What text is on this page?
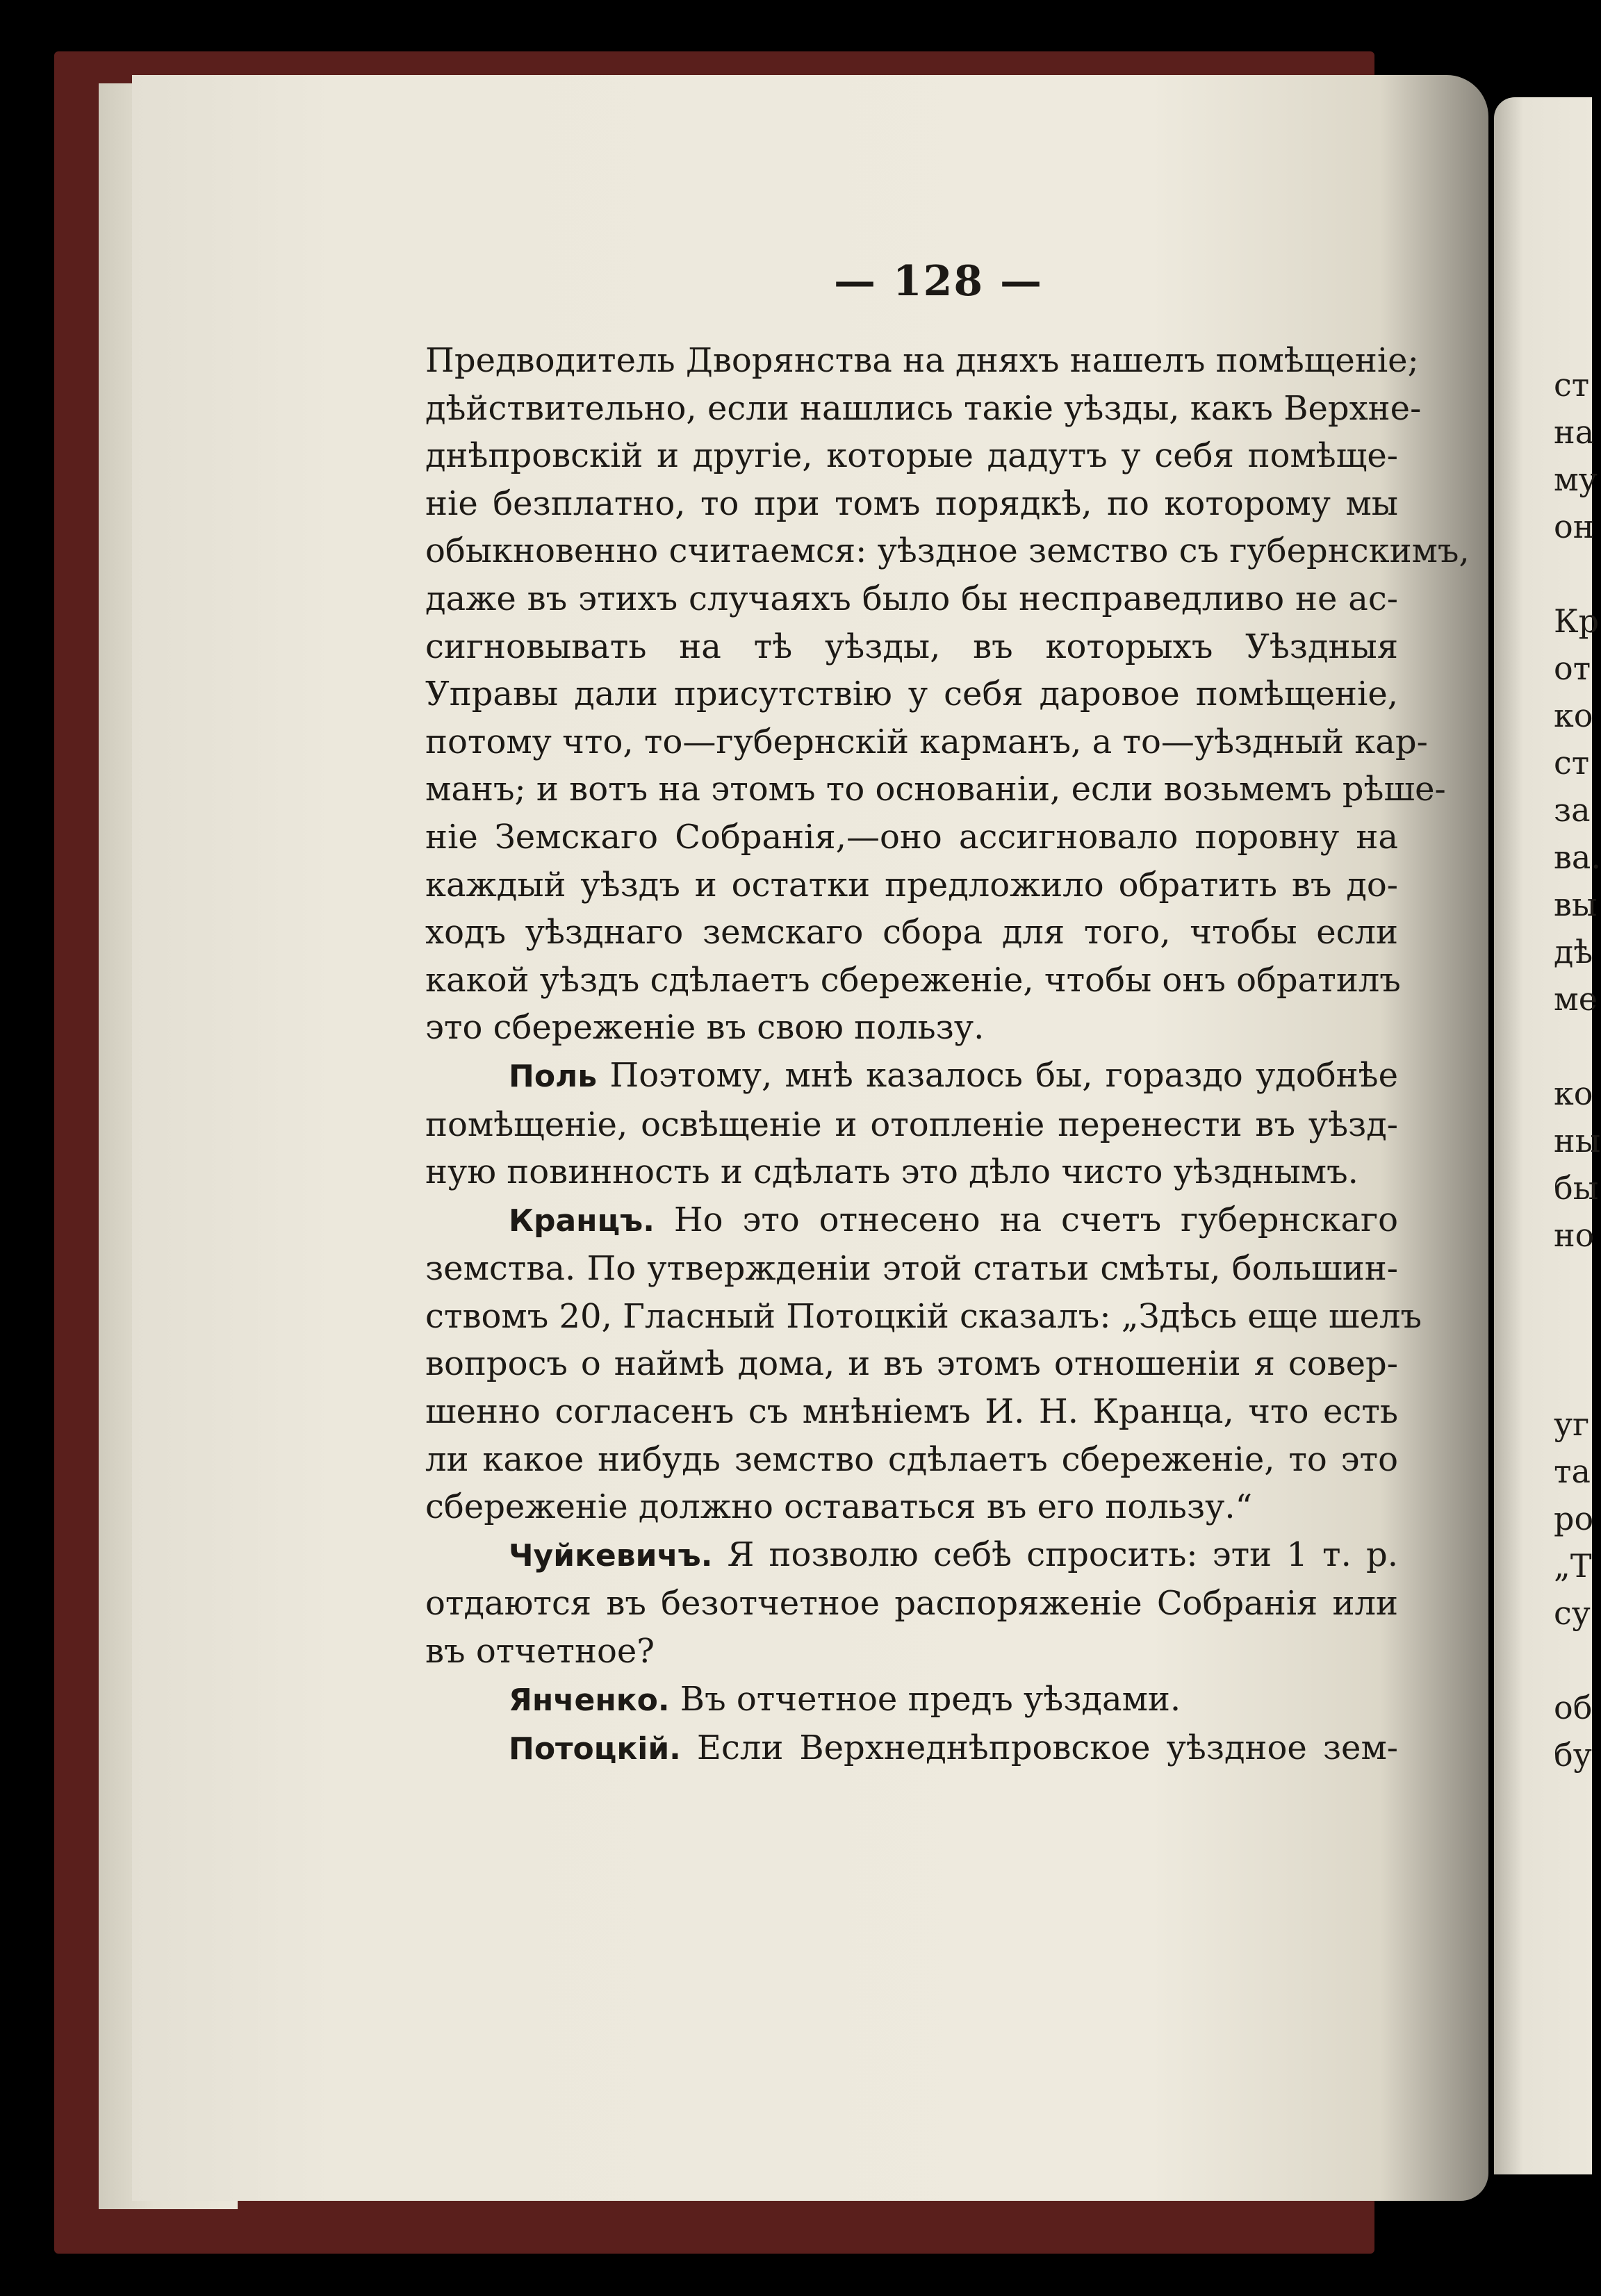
ст
на
му
он

Кр
от
ко
ст
за
ва.
вы
дѣ
ме

ко
ны
бы
но

уг
та
ро
„Т
су

об
бу
— 128 —
Предводитель Дворянства на дняхъ нашелъ помѣщеніе;
дѣйствительно, если нашлись такіе уѣзды, какъ Верхне-
днѣпровскій и другіе, которые дадутъ у себя помѣще-
ніе безплатно, то при томъ порядкѣ, по которому мы
обыкновенно считаемся: уѣздное земство съ губернскимъ,
даже въ этихъ случаяхъ было бы несправедливо не ас-
сигновывать на тѣ уѣзды, въ которыхъ Уѣздныя
Управы дали присутствію у себя даровое помѣщеніе,
потому что, то—губернскій карманъ, а то—уѣздный кар-
манъ; и вотъ на этомъ то основаніи, если возьмемъ рѣше-
ніе Земскаго Собранія,—оно ассигновало поровну на
каждый уѣздъ и остатки предложило обратить въ до-
ходъ уѣзднаго земскаго сбора для того, чтобы если
какой уѣздъ сдѣлаетъ сбереженіе, чтобы онъ обратилъ
это сбереженіе въ свою пользу.
Поль Поэтому, мнѣ казалось бы, гораздо удобнѣе
помѣщеніе, освѣщеніе и отопленіе перенести въ уѣзд-
ную повинность и сдѣлать это дѣло чисто уѣзднымъ.
Кранцъ. Но это отнесено на счетъ губернскаго
земства. По утвержденіи этой статьи смѣты, большин-
ствомъ 20, Гласный Потоцкій сказалъ: „Здѣсь еще шелъ
вопросъ о наймѣ дома, и въ этомъ отношеніи я совер-
шенно согласенъ съ мнѣніемъ И. Н. Кранца, что есть
ли какое нибудь земство сдѣлаетъ сбереженіе, то это
сбереженіе должно оставаться въ его пользу.“
Чуйкевичъ. Я позволю себѣ спросить: эти 1 т. р.
отдаются въ безотчетное распоряженіе Собранія или
въ отчетное?
Янченко. Въ отчетное предъ уѣздами.
Потоцкій. Если Верхнеднѣпровское уѣздное зем-
